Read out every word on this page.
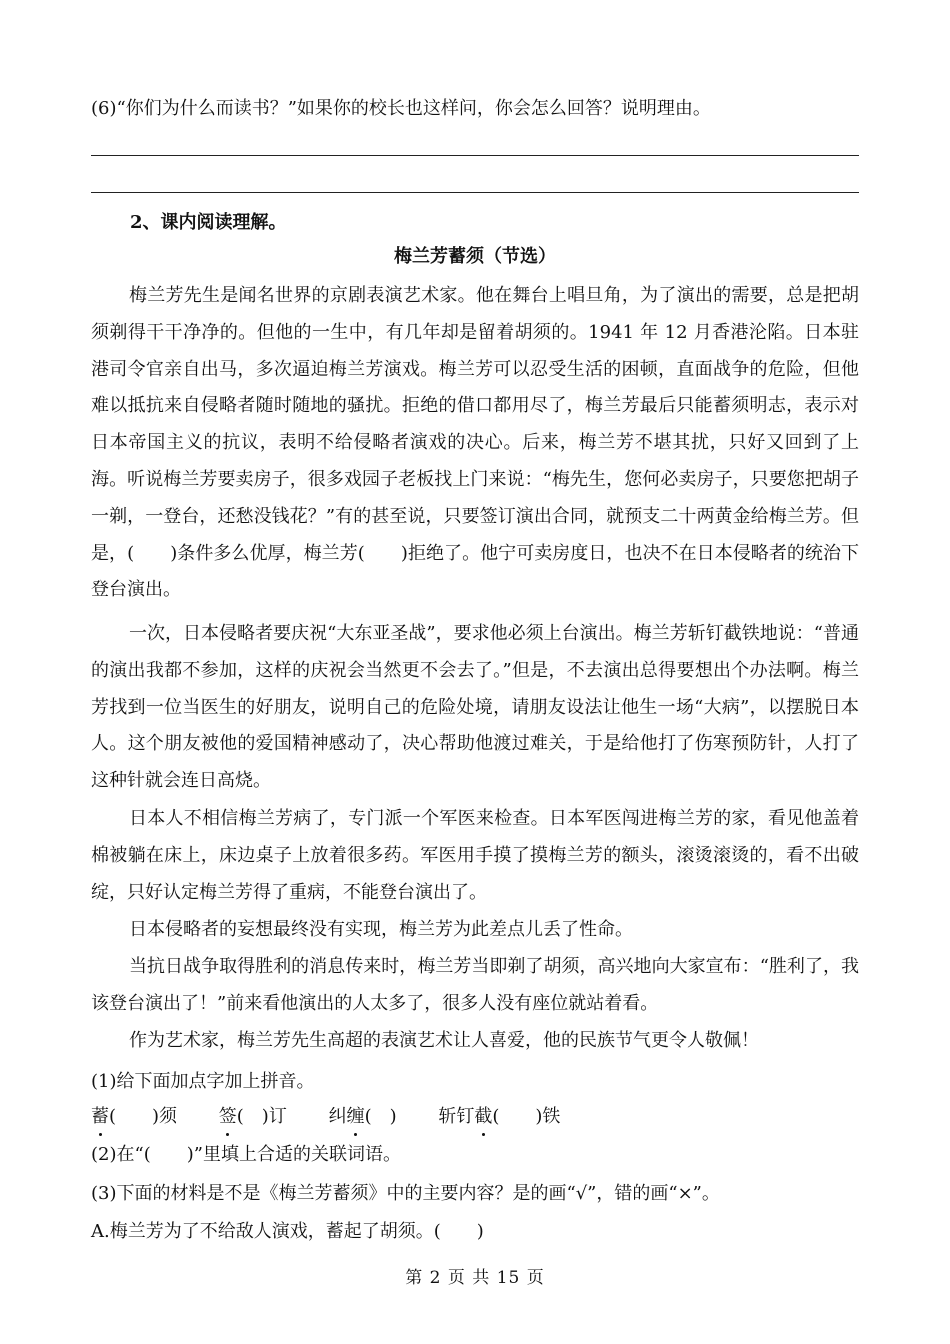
(6)“你们为什么而读书？”如果你的校长也这样问，你会怎么回答？说明理由。
2、课内阅读理解。
梅兰芳蓄须（节选）
梅兰芳先生是闻名世界的京剧表演艺术家。他在舞台上唱旦角，为了演出的需要，总是把胡须剃得干干净净的。但他的一生中，有几年却是留着胡须的。1941 年 12 月香港沦陷。日本驻港司令官亲自出马，多次逼迫梅兰芳演戏。梅兰芳可以忍受生活的困顿，直面战争的危险，但他难以抵抗来自侵略者随时随地的骚扰。拒绝的借口都用尽了，梅兰芳最后只能蓄须明志，表示对日本帝国主义的抗议，表明不给侵略者演戏的决心。后来，梅兰芳不堪其扰，只好又回到了上海。听说梅兰芳要卖房子，很多戏园子老板找上门来说：“梅先生，您何必卖房子，只要您把胡子一剃，一登台，还愁没钱花？”有的甚至说，只要签订演出合同，就预支二十两黄金给梅兰芳。但是，(　　)条件多么优厚，梅兰芳(　　)拒绝了。他宁可卖房度日，也决不在日本侵略者的统治下登台演出。
一次，日本侵略者要庆祝“大东亚圣战”，要求他必须上台演出。梅兰芳斩钉截铁地说：“普通的演出我都不参加，这样的庆祝会当然更不会去了。”但是，不去演出总得要想出个办法啊。梅兰芳找到一位当医生的好朋友，说明自己的危险处境，请朋友设法让他生一场“大病”，以摆脱日本人。这个朋友被他的爱国精神感动了，决心帮助他渡过难关，于是给他打了伤寒预防针，人打了这种针就会连日高烧。
日本人不相信梅兰芳病了，专门派一个军医来检查。日本军医闯进梅兰芳的家，看见他盖着棉被躺在床上，床边桌子上放着很多药。军医用手摸了摸梅兰芳的额头，滚烫滚烫的，看不出破绽，只好认定梅兰芳得了重病，不能登台演出了。
日本侵略者的妄想最终没有实现，梅兰芳为此差点儿丢了性命。
当抗日战争取得胜利的消息传来时，梅兰芳当即剃了胡须，高兴地向大家宣布：“胜利了，我该登台演出了！”前来看他演出的人太多了，很多人没有座位就站着看。
作为艺术家，梅兰芳先生高超的表演艺术让人喜爱，他的民族节气更令人敬佩！
(1)给下面加点字加上拼音。
蓄(　　)须 签(　)订 纠缠(　) 斩钉截(　　)铁
(2)在“(　　)”里填上合适的关联词语。
(3)下面的材料是不是《梅兰芳蓄须》中的主要内容？是的画“√”，错的画“×”。
A.梅兰芳为了不给敌人演戏，蓄起了胡须。(　　)
第 2 页 共 15 页
